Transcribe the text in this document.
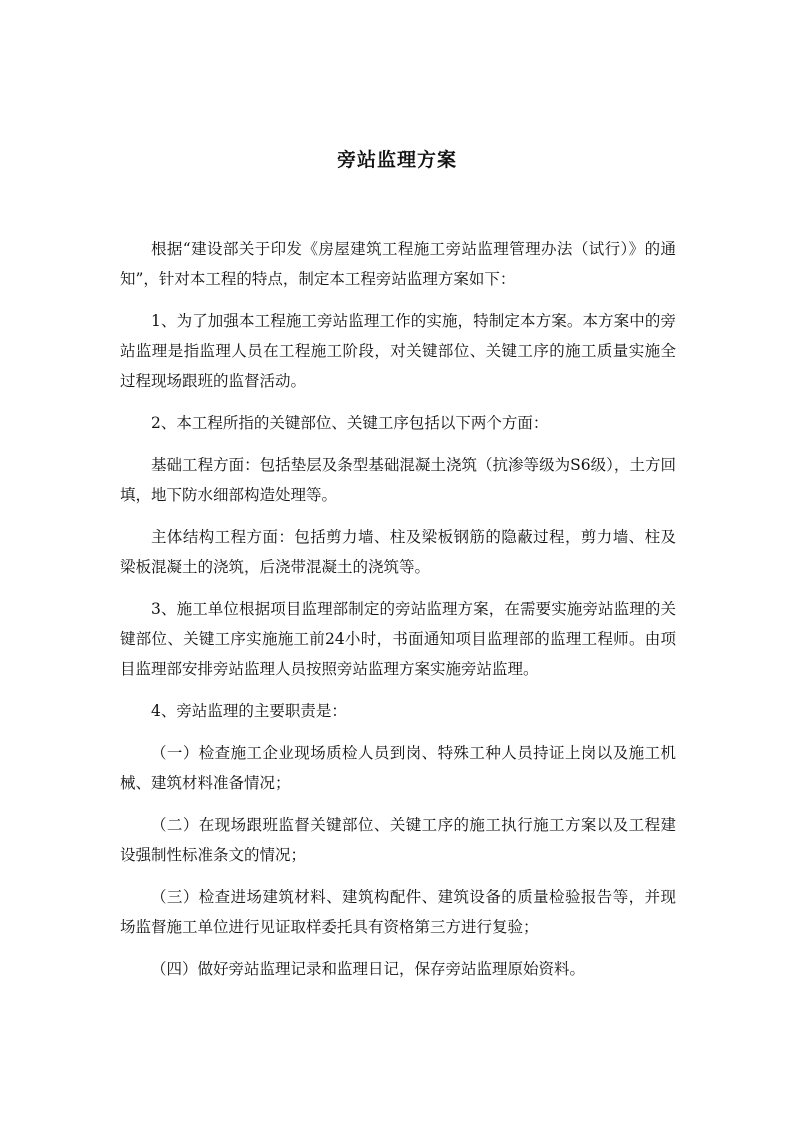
旁站监理方案

根据“建设部关于印发《房屋建筑工程施工旁站监理管理办法（试行）》的通知”，针对本工程的特点，制定本工程旁站监理方案如下：

1、为了加强本工程施工旁站监理工作的实施，特制定本方案。本方案中的旁站监理是指监理人员在工程施工阶段，对关键部位、关键工序的施工质量实施全过程现场跟班的监督活动。

2、本工程所指的关键部位、关键工序包括以下两个方面：

基础工程方面：包括垫层及条型基础混凝土浇筑（抗渗等级为S6级），土方回填，地下防水细部构造处理等。

主体结构工程方面：包括剪力墙、柱及梁板钢筋的隐蔽过程，剪力墙、柱及梁板混凝土的浇筑，后浇带混凝土的浇筑等。

3、施工单位根据项目监理部制定的旁站监理方案，在需要实施旁站监理的关键部位、关键工序实施施工前24小时，书面通知项目监理部的监理工程师。由项目监理部安排旁站监理人员按照旁站监理方案实施旁站监理。

4、旁站监理的主要职责是：

（一）检查施工企业现场质检人员到岗、特殊工种人员持证上岗以及施工机械、建筑材料准备情况；

（二）在现场跟班监督关键部位、关键工序的施工执行施工方案以及工程建设强制性标准条文的情况；

（三）检查进场建筑材料、建筑构配件、建筑设备的质量检验报告等，并现场监督施工单位进行见证取样委托具有资格第三方进行复验；

（四）做好旁站监理记录和监理日记，保存旁站监理原始资料。
